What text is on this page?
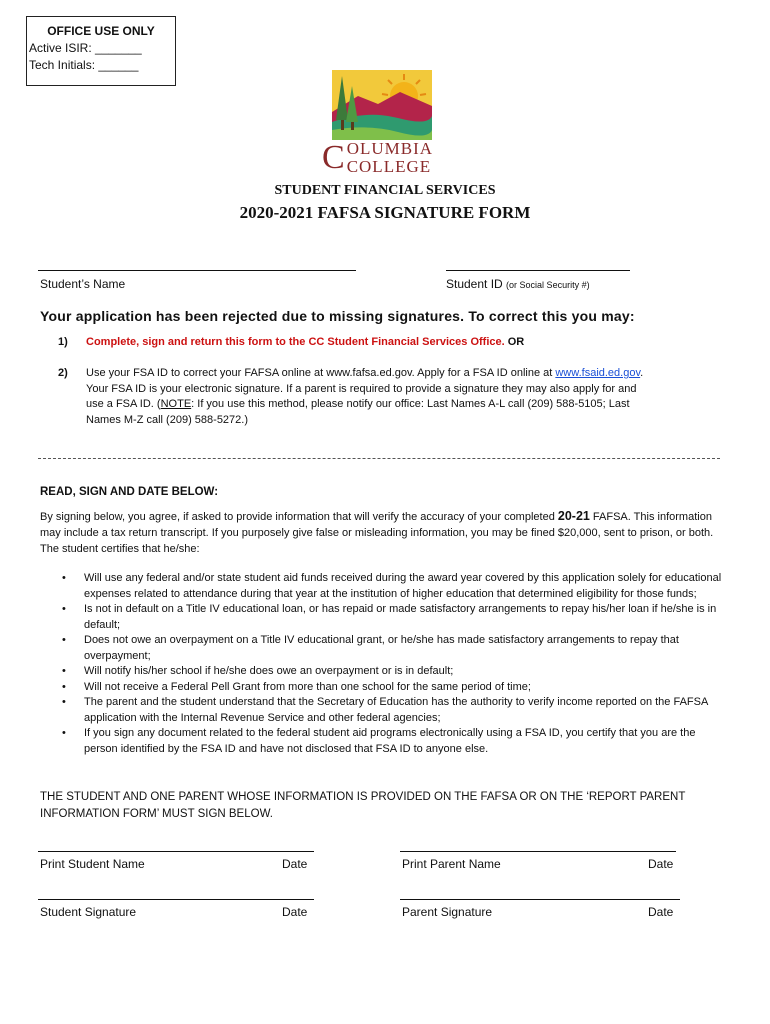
OFFICE USE ONLY
Active ISIR: _______
Tech Initials: ______
COLUMBIA
COLLEGE
STUDENT FINANCIAL SERVICES
2020-2021 FAFSA SIGNATURE FORM
Student’s Name	Student ID (or Social Security #)
Your application has been rejected due to missing signatures. To correct this you may:
1) Complete, sign and return this form to the CC Student Financial Services Office. OR
2) Use your FSA ID to correct your FAFSA online at www.fafsa.ed.gov. Apply for a FSA ID online at www.fsaid.ed.gov.
Your FSA ID is your electronic signature. If a parent is required to provide a signature they may also apply for and
use a FSA ID. (NOTE: If you use this method, please notify our office: Last Names A-L call (209) 588-5105; Last
Names M-Z call (209) 588-5272.)
READ, SIGN AND DATE BELOW:
By signing below, you agree, if asked to provide information that will verify the accuracy of your completed 20-21 FAFSA. This information may include a tax return transcript. If you purposely give false or misleading information, you may be fined $20,000, sent to prison, or both. The student certifies that he/she:
• Will use any federal and/or state student aid funds received during the award year covered by this application solely for educational expenses related to attendance during that year at the institution of higher education that determined eligibility for those funds;
• Is not in default on a Title IV educational loan, or has repaid or made satisfactory arrangements to repay his/her loan if he/she is in default;
• Does not owe an overpayment on a Title IV educational grant, or he/she has made satisfactory arrangements to repay that overpayment;
• Will notify his/her school if he/she does owe an overpayment or is in default;
• Will not receive a Federal Pell Grant from more than one school for the same period of time;
• The parent and the student understand that the Secretary of Education has the authority to verify income reported on the FAFSA application with the Internal Revenue Service and other federal agencies;
• If you sign any document related to the federal student aid programs electronically using a FSA ID, you certify that you are the person identified by the FSA ID and have not disclosed that FSA ID to anyone else.
THE STUDENT AND ONE PARENT WHOSE INFORMATION IS PROVIDED ON THE FAFSA OR ON THE ‘REPORT PARENT INFORMATION FORM’ MUST SIGN BELOW.
Print Student Name	Date	Print Parent Name	Date
Student Signature	Date	Parent Signature	Date
